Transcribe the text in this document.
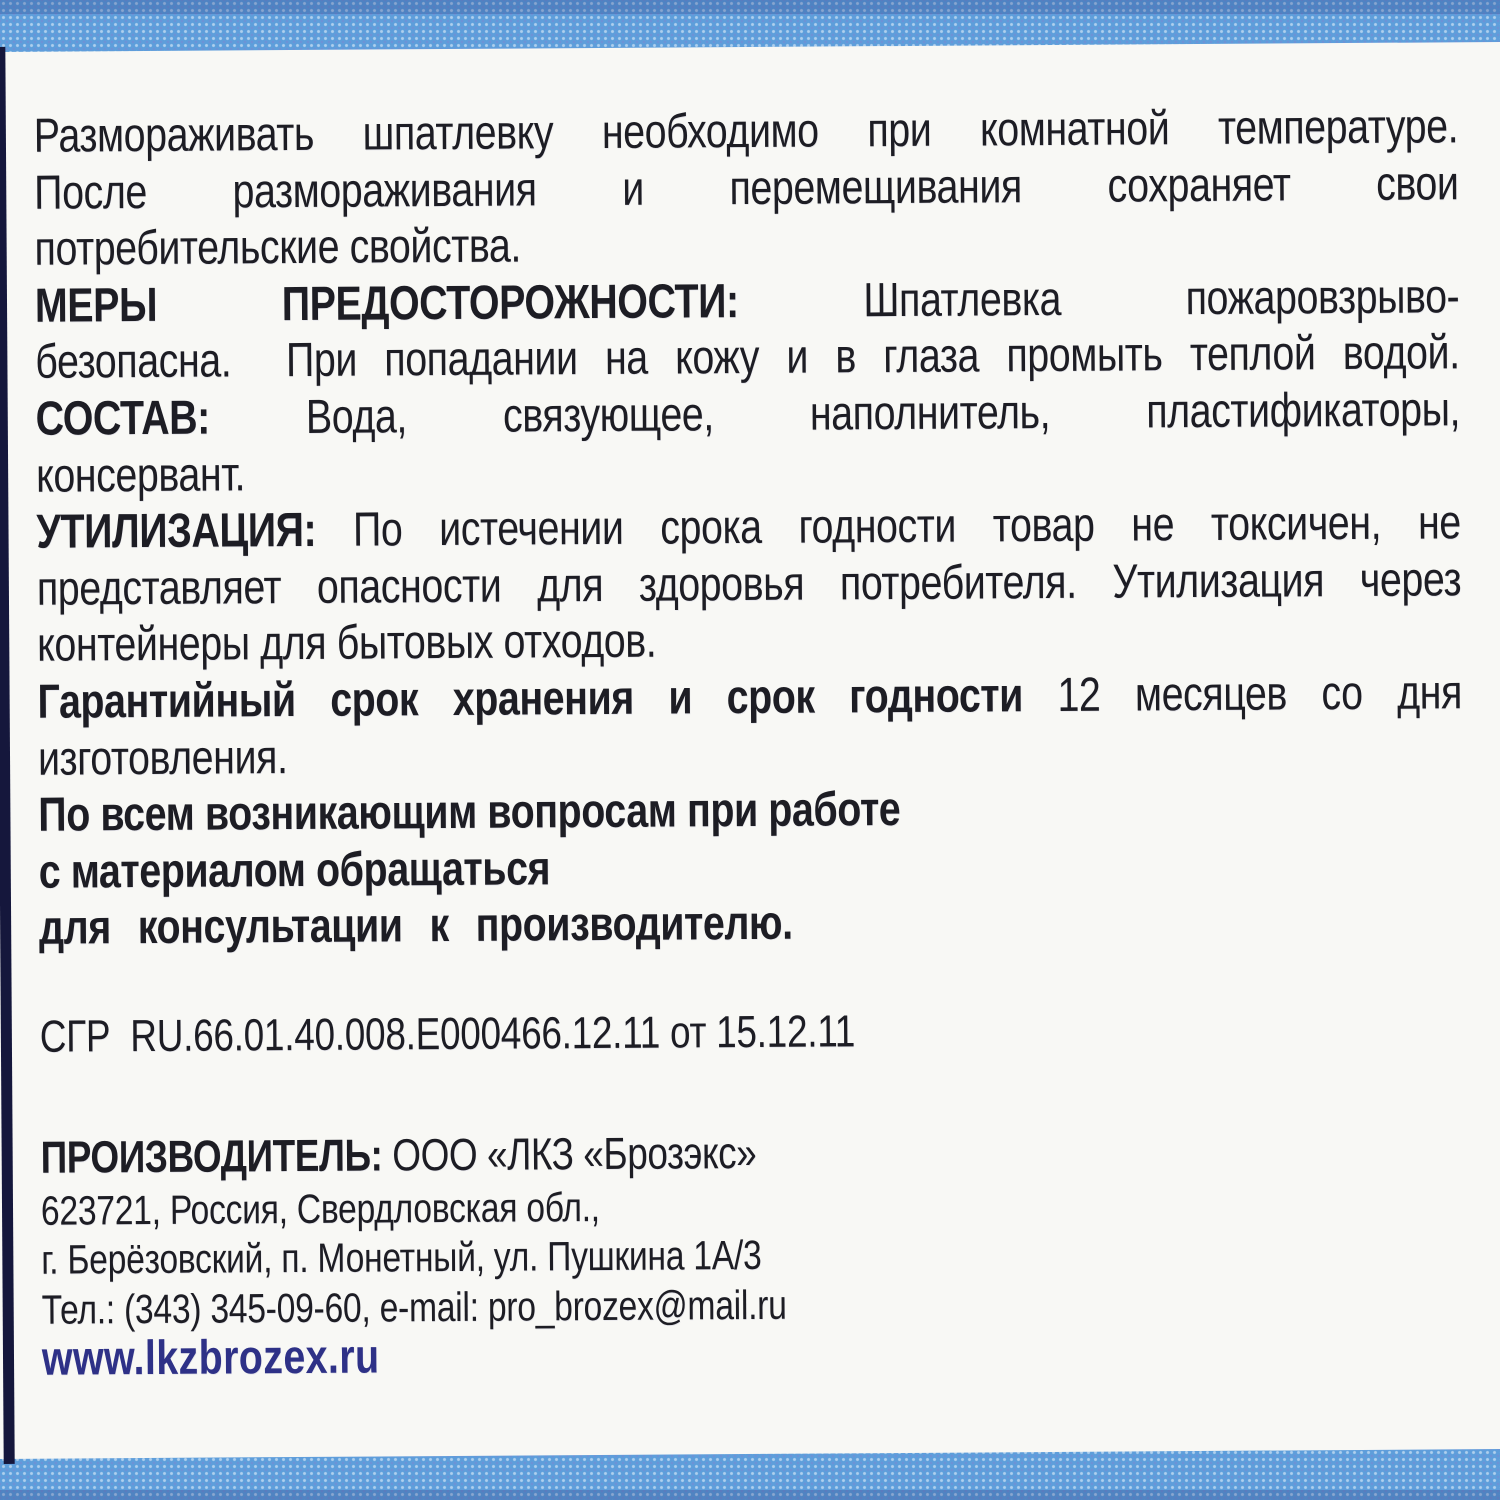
Размораживать шпатлевку необходимо при комнатной температуре.

После размораживания и перемещивания сохраняет свои

потребительские свойства.

МЕРЫ ПРЕДОСТОРОЖНОСТИ:	Шпатлевка пожаровзрыво-

безопасна.  При попадании на кожу и в глаза промыть теплой водой.

СОСТАВ: Вода, связующее, наполнитель, пластификаторы,

консервант.

УТИЛИЗАЦИЯ: По истечении срока годности товар не токсичен, не

представляет опасности для здоровья потребителя. Утилизация через

контейнеры для бытовых отходов.

Гарантийный срок хранения и срок годности 12 месяцев со дня

изготовления.

По всем возникающим вопросам при работе

с материалом обращаться

для консультации к производителю.

СГР  RU.66.01.40.008.Е000466.12.11 от 15.12.11

ПРОИЗВОДИТЕЛЬ: ООО «ЛКЗ «Брозэкс»

623721, Россия, Свердловская обл.,

г. Берёзовский, п. Монетный, ул. Пушкина 1А/3

Тел.: (343) 345-09-60, e-mail: pro_brozex@mail.ru

www.lkzbrozex.ru
